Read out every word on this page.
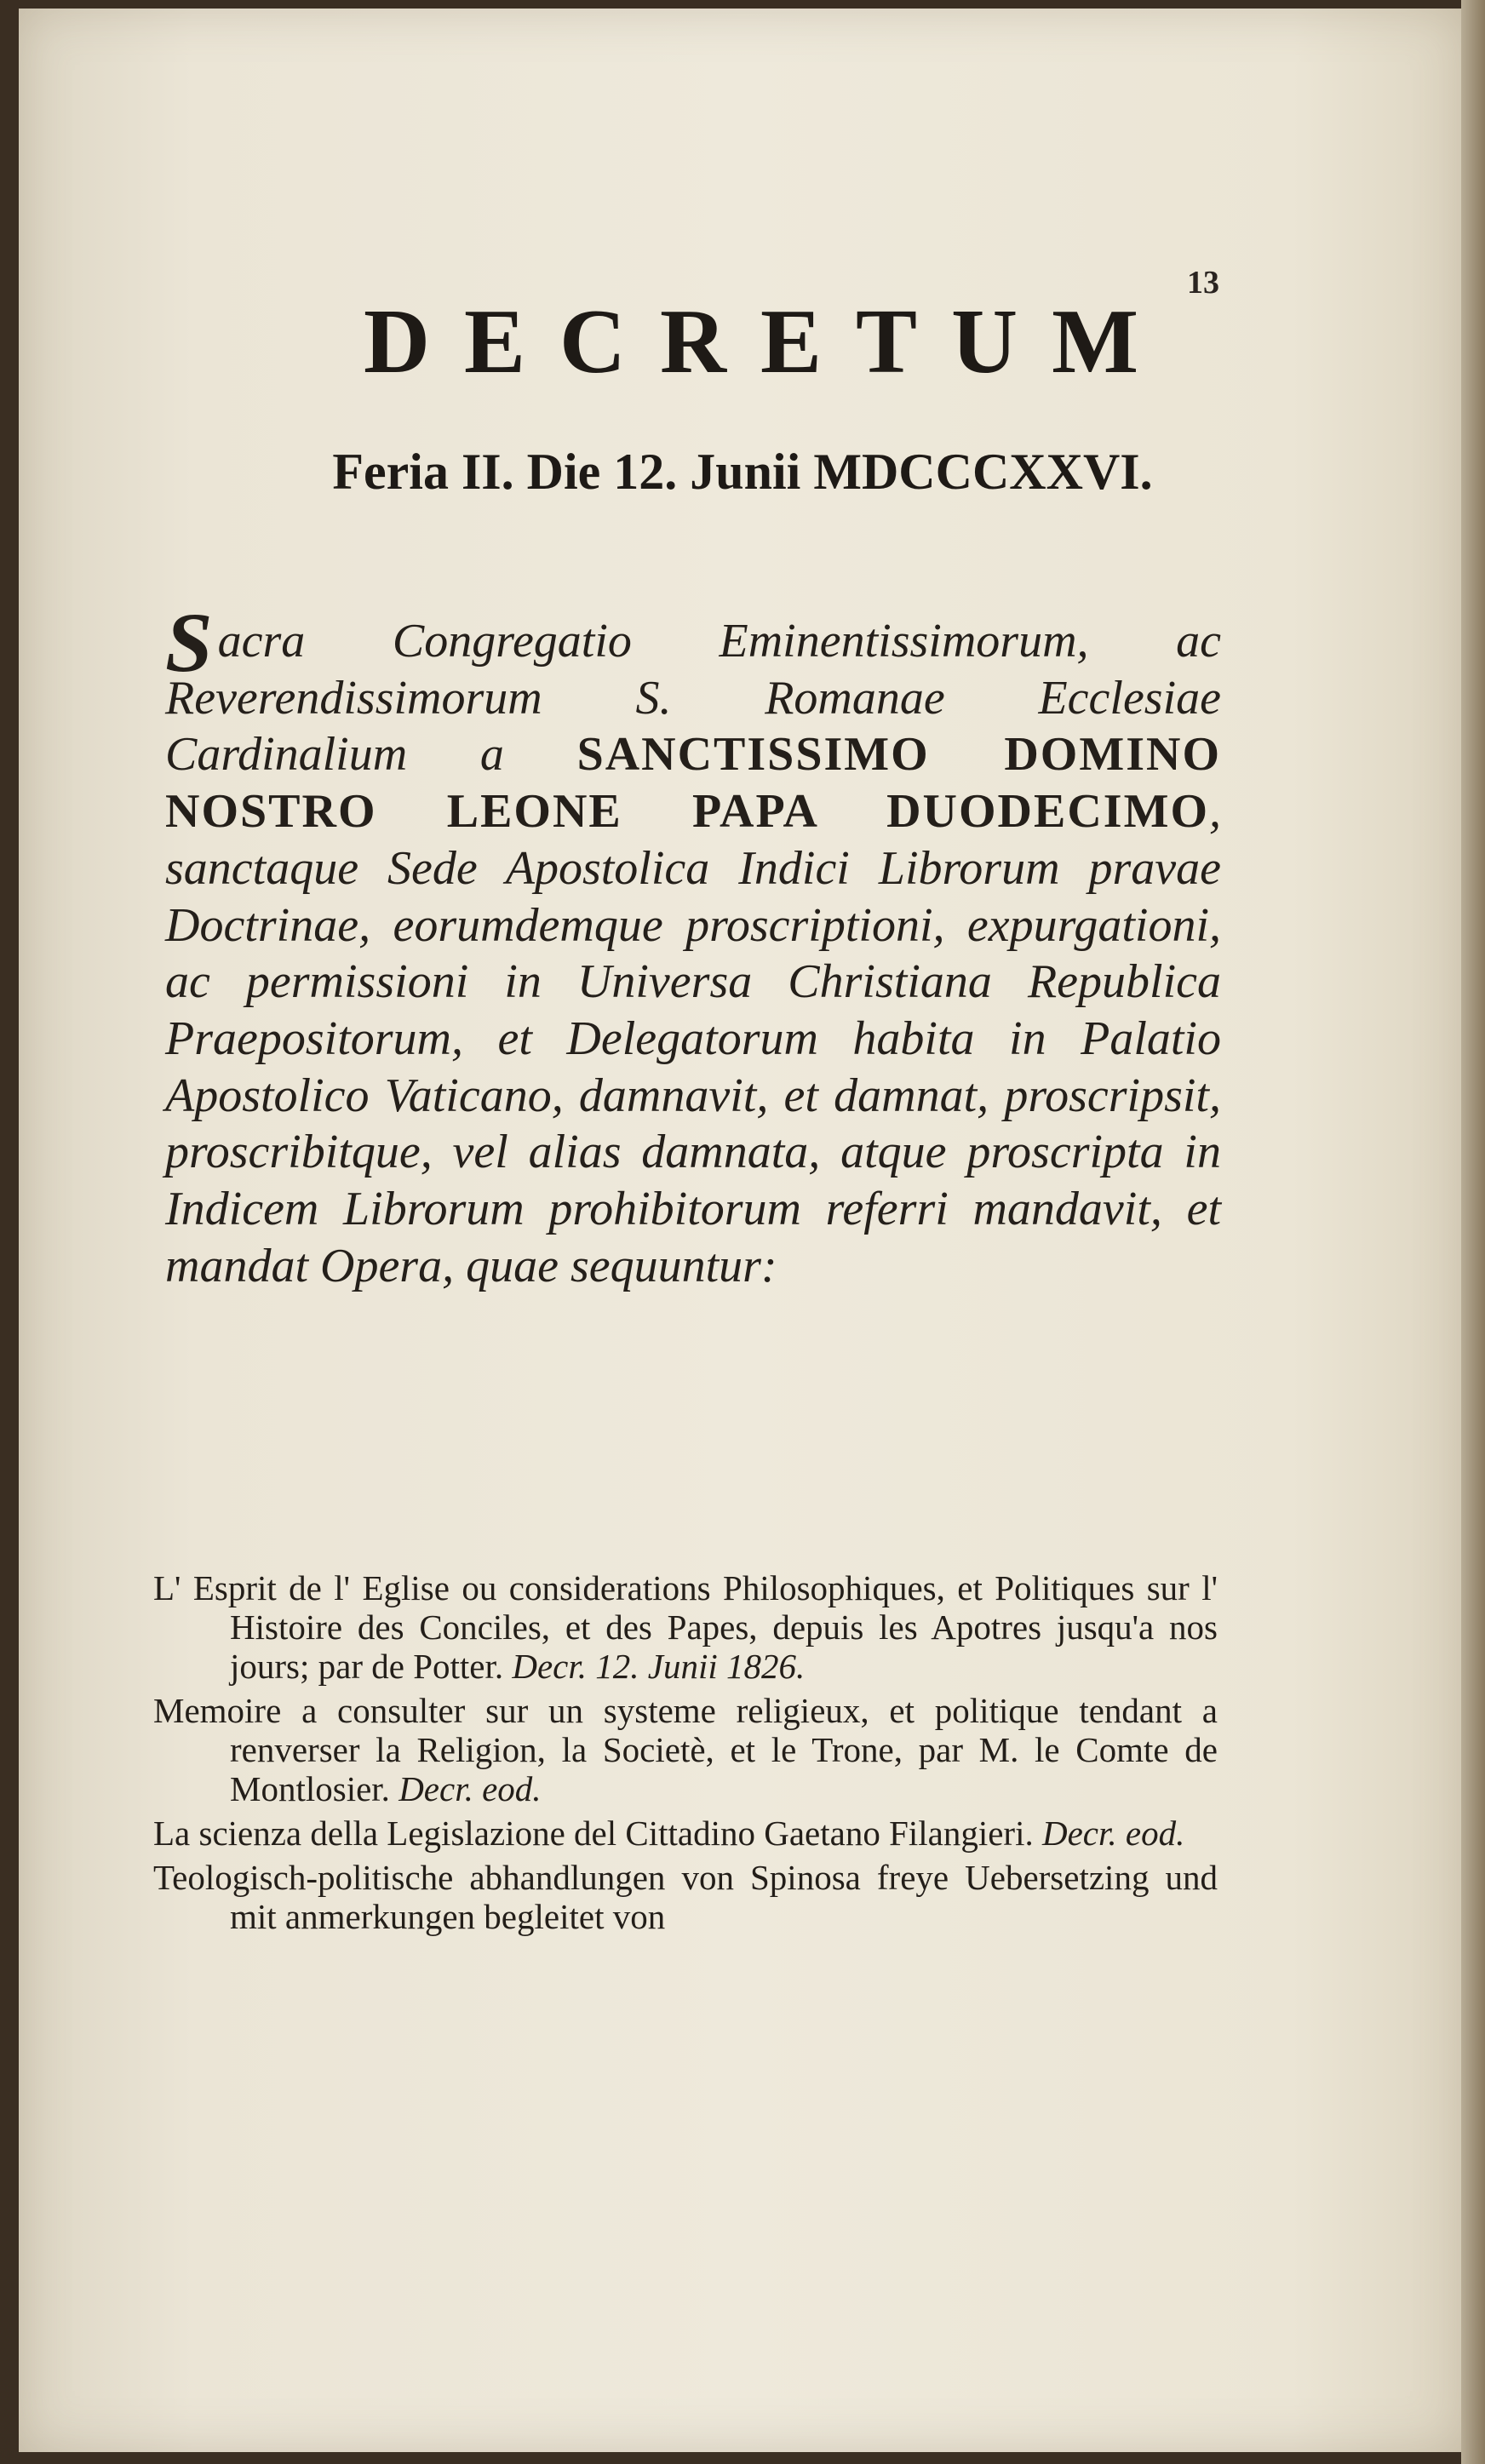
13
DECRETUM
Feria II. Die 12. Junii MDCCCXXVI.
Sacra Congregatio Eminentissimorum, ac Reverendissimorum S. Romanae Ecclesiae Cardinalium a SANCTISSIMO DOMINO NOSTRO LEONE PAPA DUODECIMO, sanctaque Sede Apostolica Indici Librorum pravae Doctrinae, eorumdemque proscriptioni, expurgationi, ac permissioni in Universa Christiana Republica Praepositorum, et Delegatorum habita in Palatio Apostolico Vaticano, damnavit, et damnat, proscripsit, proscribitque, vel alias damnata, atque proscripta in Indicem Librorum prohibitorum referri mandavit, et mandat Opera, quae sequuntur:
L' Esprit de l' Eglise ou considerations Philosophiques, et Politiques sur l' Histoire des Conciles, et des Papes, depuis les Apotres jusqu'a nos jours; par de Potter. Decr. 12. Junii 1826.
Memoire a consulter sur un systeme religieux, et politique tendant a renverser la Religion, la Societè, et le Trone, par M. le Comte de Montlosier. Decr. eod.
La scienza della Legislazione del Cittadino Gaetano Filangieri. Decr. eod.
Teologisch-politische abhandlungen von Spinosa freye Uebersetzing und mit anmerkungen begleitet von
